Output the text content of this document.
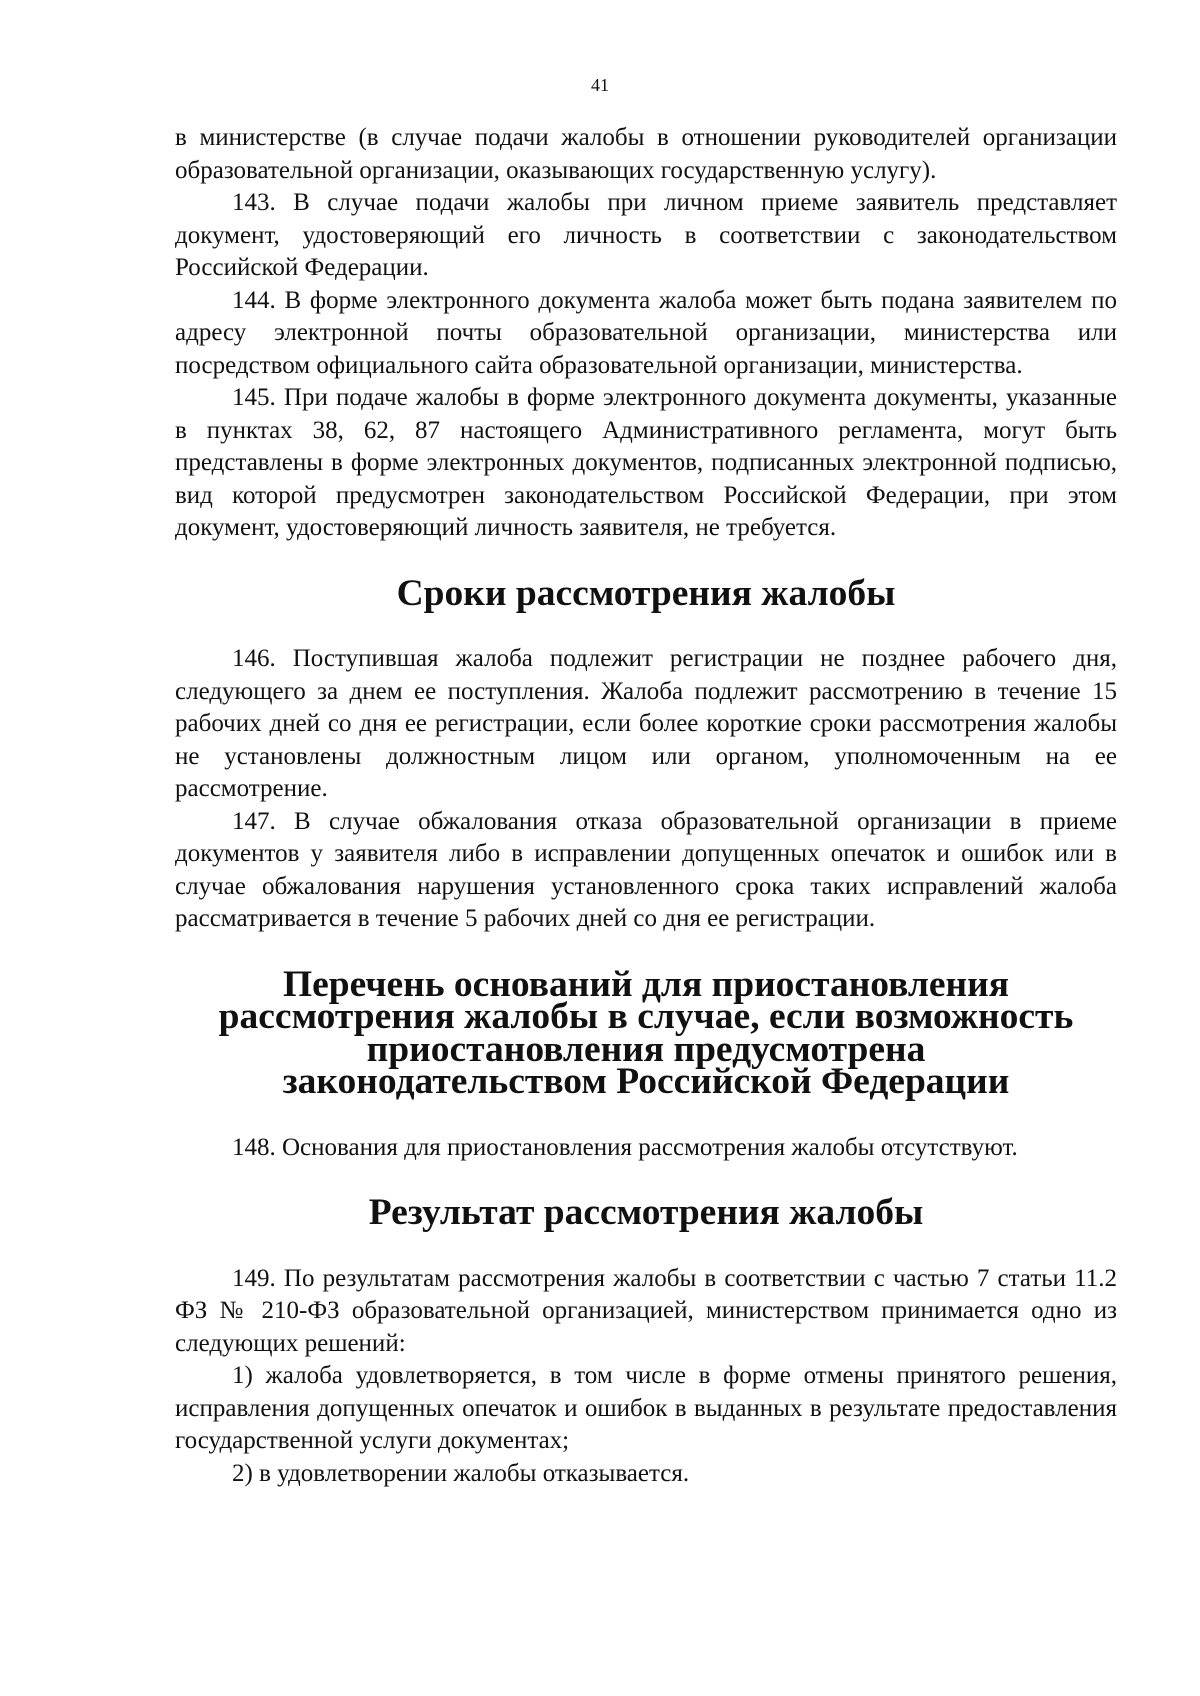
41

в министерстве (в случае подачи жалобы в отношении руководителей организации образовательной организации, оказывающих государственную услугу).

143. В случае подачи жалобы при личном приеме заявитель представляет документ, удостоверяющий его личность в соответствии с законодательством Российской Федерации.

144. В форме электронного документа жалоба может быть подана заявителем по адресу электронной почты образовательной организации, министерства или посредством официального сайта образовательной организации, министерства.

145. При подаче жалобы в форме электронного документа документы, указанные в пунктах 38, 62, 87 настоящего Административного регламента, могут быть представлены в форме электронных документов, подписанных электронной подписью, вид которой предусмотрен законодательством Российской Федерации, при этом документ, удостоверяющий личность заявителя, не требуется.

Сроки рассмотрения жалобы

146. Поступившая жалоба подлежит регистрации не позднее рабочего дня, следующего за днем ее поступления. Жалоба подлежит рассмотрению в течение 15 рабочих дней со дня ее регистрации, если более короткие сроки рассмотрения жалобы не установлены должностным лицом или органом, уполномоченным на ее рассмотрение.

147. В случае обжалования отказа образовательной организации в приеме документов у заявителя либо в исправлении допущенных опечаток и ошибок или в случае обжалования нарушения установленного срока таких исправлений жалоба рассматривается в течение 5 рабочих дней со дня ее регистрации.

Перечень оснований для приостановления рассмотрения жалобы в случае, если возможность приостановления предусмотрена законодательством Российской Федерации

148. Основания для приостановления рассмотрения жалобы отсутствуют.

Результат рассмотрения жалобы

149. По результатам рассмотрения жалобы в соответствии с частью 7 статьи 11.2 ФЗ № 210-ФЗ образовательной организацией, министерством принимается одно из следующих решений:

1) жалоба удовлетворяется, в том числе в форме отмены принятого решения, исправления допущенных опечаток и ошибок в выданных в результате предоставления государственной услуги документах;

2) в удовлетворении жалобы отказывается.
